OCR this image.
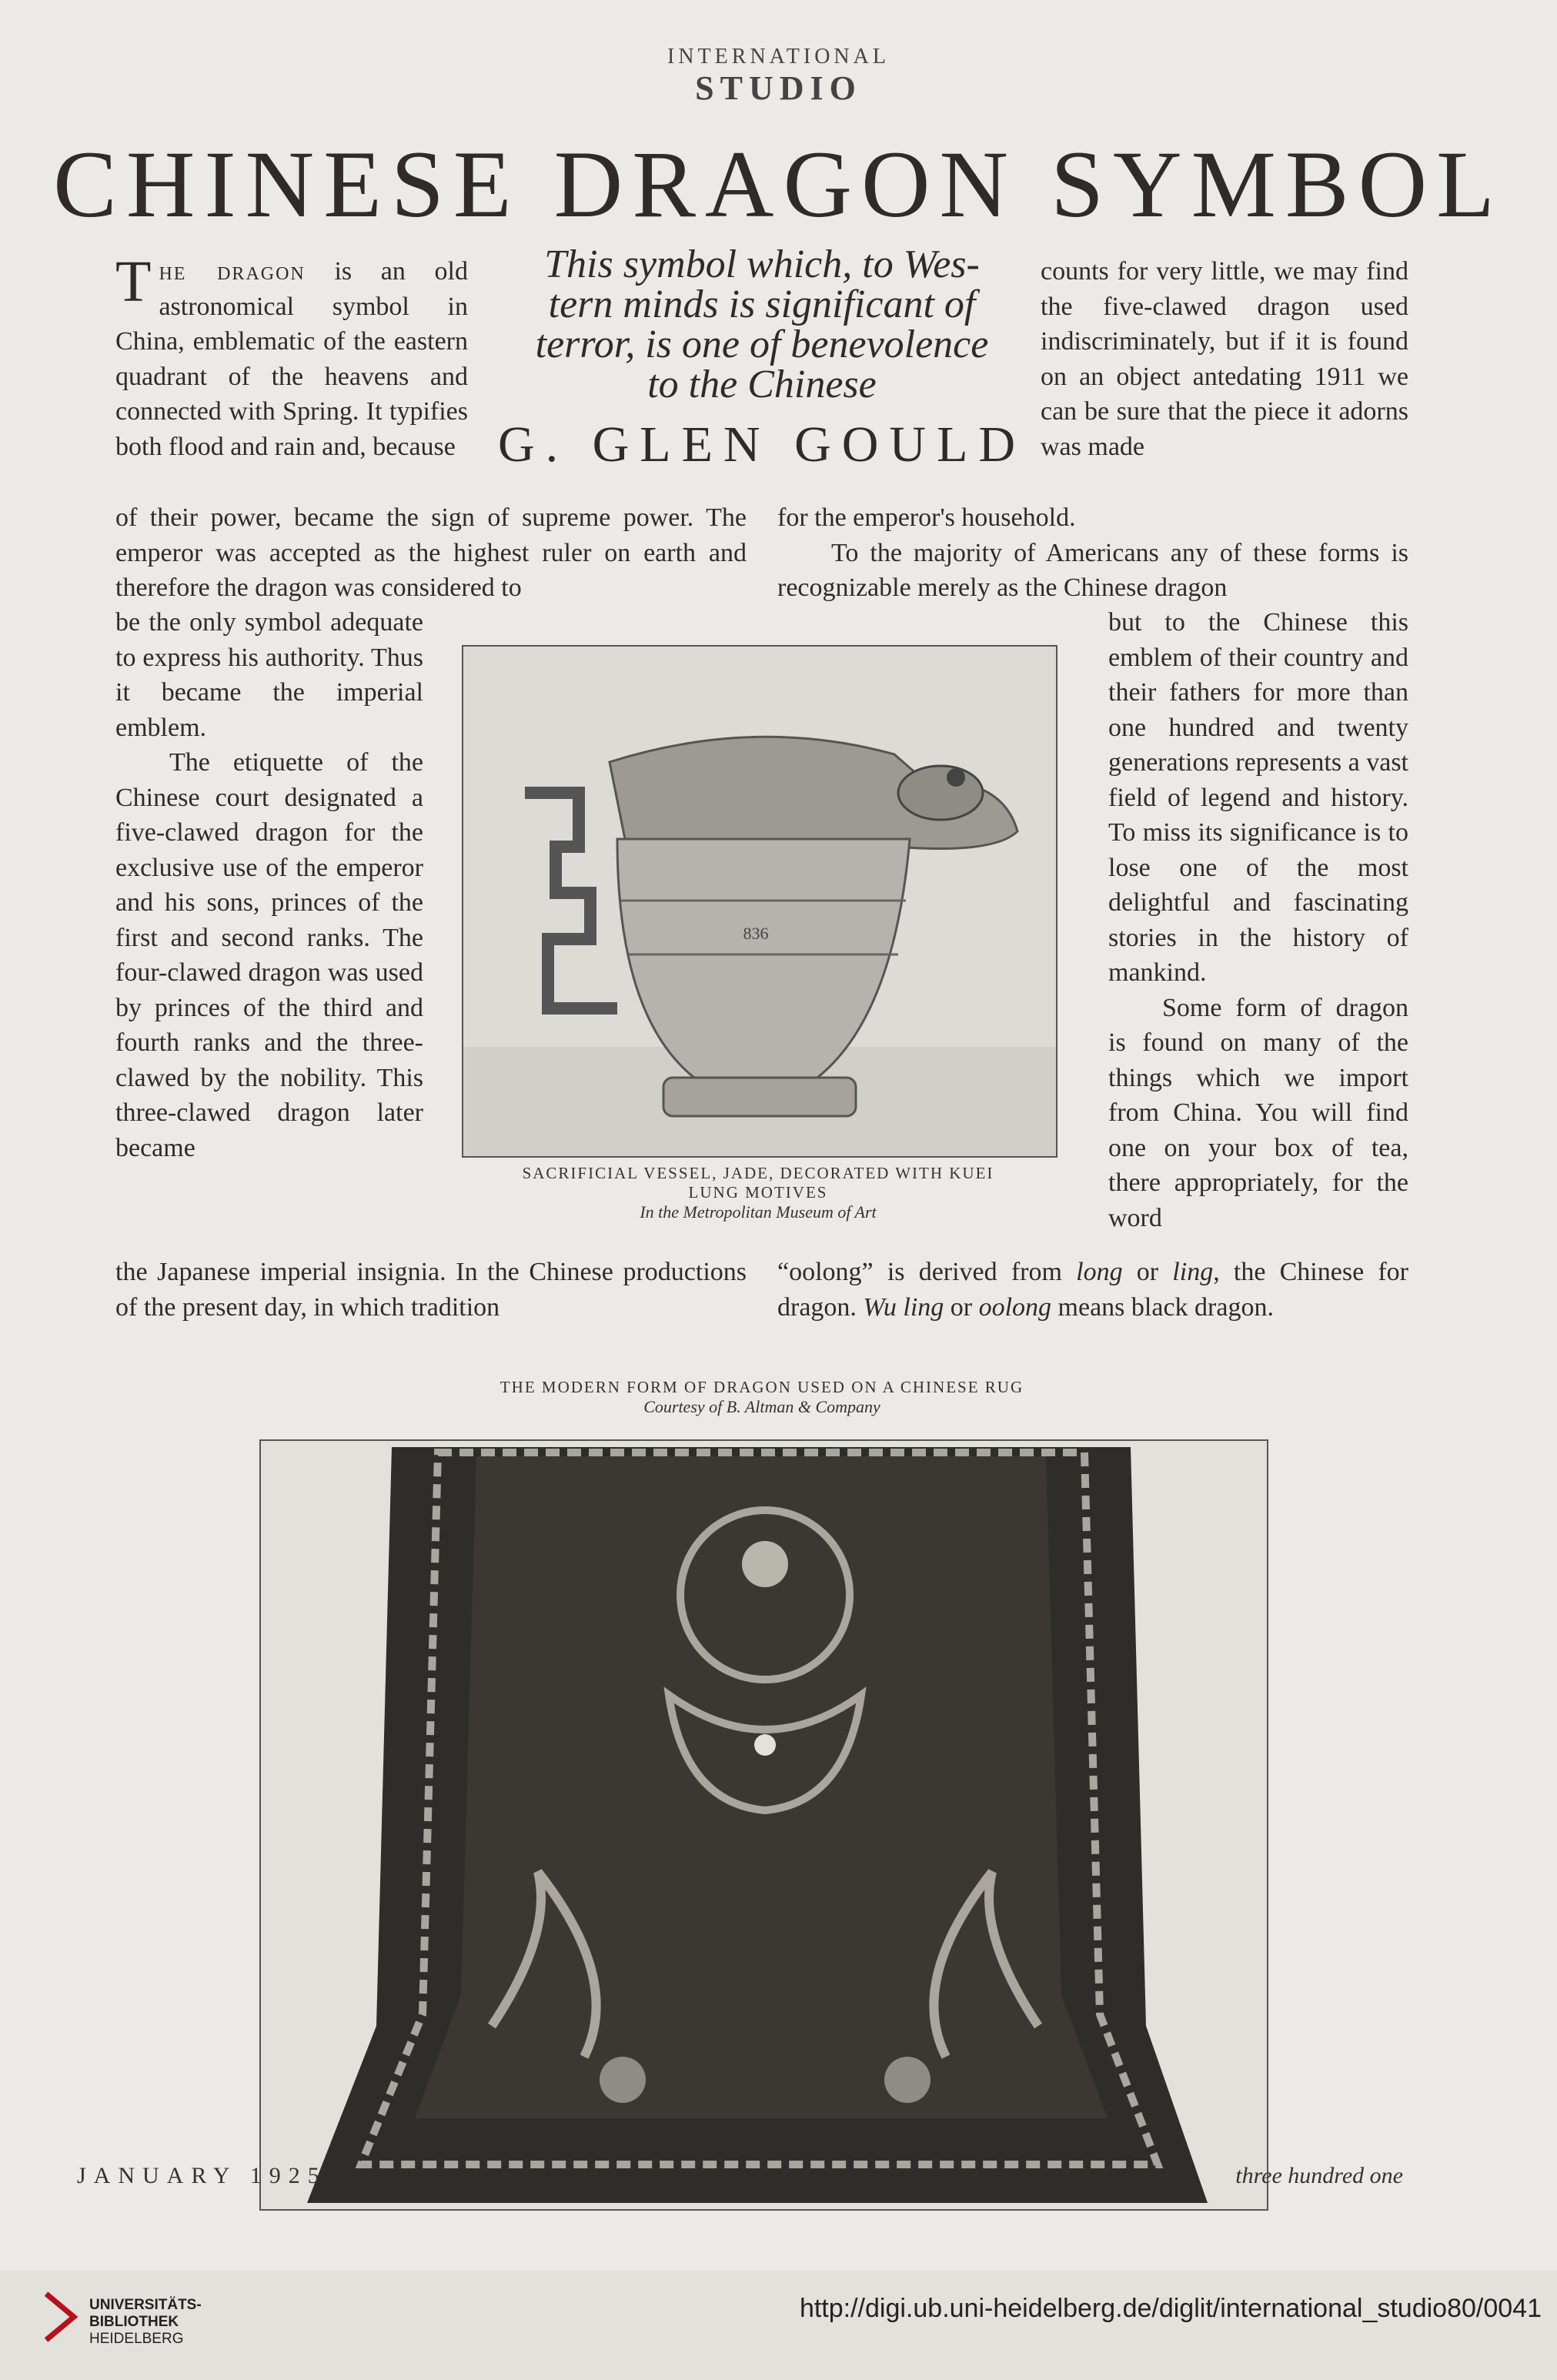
INTERNATIONAL
STUDIO
CHINESE DRAGON SYMBOL

The dragon is an old astronomical symbol in China, emblematic of the eastern quadrant of the heavens and connected with Spring. It typifies both flood and rain and, because

of their power, became the sign of supreme power. The emperor was accepted as the highest ruler on earth and therefore the dragon was considered to

be the only symbol adequate to express his authority. Thus it became the imperial emblem.

The etiquette of the Chinese court designated a five-clawed dragon for the exclusive use of the emperor and his sons, princes of the first and second ranks. The four-clawed dragon was used by princes of the third and fourth ranks and the three-clawed by the nobility. This three-clawed dragon later became

the Japanese imperial insignia. In the Chinese productions of the present day, in which tradition

This symbol which, to Wes-
tern minds is significant of
terror, is one of benevolence
to the Chinese
G. GLEN GOULD

counts for very little, we may find the five-clawed dragon used indiscriminately, but if it is found on an object antedating 1911 we can be sure that the piece it adorns was made

for the emperor's household.

To the majority of Americans any of these forms is recognizable merely as the Chinese dragon

but to the Chinese this emblem of their country and their fathers for more than one hundred and twenty generations represents a vast field of legend and history. To miss its significance is to lose one of the most delightful and fascinating stories in the history of mankind.

Some form of dragon is found on many of the things which we import from China. You will find one on your box of tea, there appropriately, for the word

“oolong” is derived from long or ling, the Chinese for dragon. Wu ling or oolong means black dragon.

836
SACRIFICIAL VESSEL, JADE, DECORATED WITH KUEI
LUNG MOTIVES
In the Metropolitan Museum of Art
THE MODERN FORM OF DRAGON USED ON A CHINESE RUG
Courtesy of B. Altman & Company
JANUARY 1925	three hundred one
UNIVERSITÄTS-
BIBLIOTHEK
HEIDELBERG
http://digi.ub.uni-heidelberg.de/diglit/international_studio80/0041
